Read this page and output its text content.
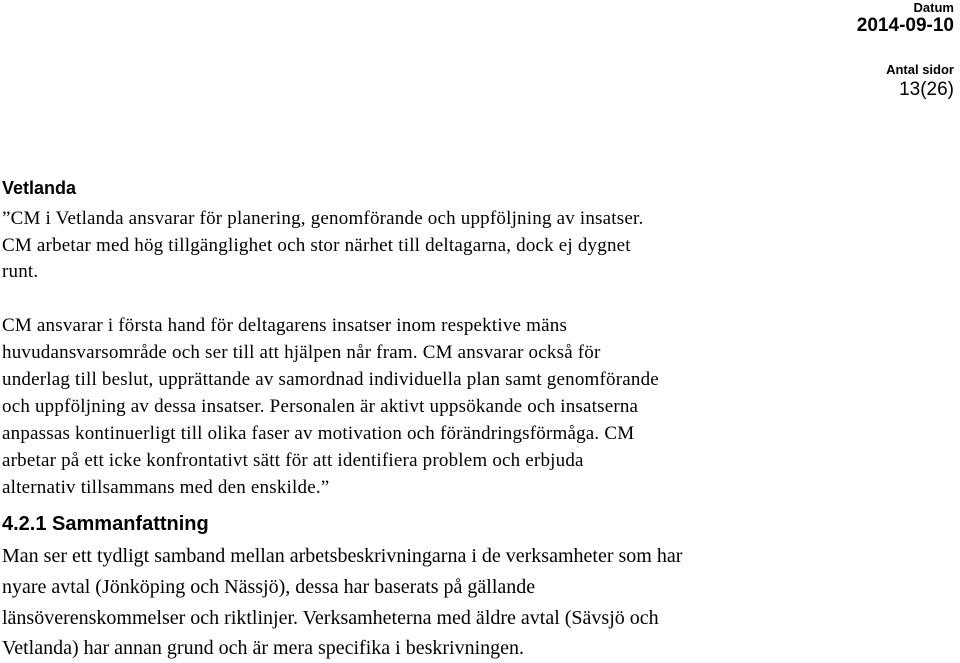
Datum
2014-09-10
Antal sidor
13(26)
Vetlanda
”CM i Vetlanda ansvarar för planering, genomförande och uppföljning av insatser.
CM arbetar med hög tillgänglighet och stor närhet till deltagarna, dock ej dygnet
runt.
CM ansvarar i första hand för deltagarens insatser inom respektive mäns
huvudansvarsområde och ser till att hjälpen når fram. CM ansvarar också för
underlag till beslut, upprättande av samordnad individuella plan samt genomförande
och uppföljning av dessa insatser. Personalen är aktivt uppsökande och insatserna
anpassas kontinuerligt till olika faser av motivation och förändringsförmåga. CM
arbetar på ett icke konfrontativt sätt för att identifiera problem och erbjuda
alternativ tillsammans med den enskilde.”
4.2.1 Sammanfattning
Man ser ett tydligt samband mellan arbetsbeskrivningarna i de verksamheter som har
nyare avtal (Jönköping och Nässjö), dessa har baserats på gällande
länsöverenskommelser och riktlinjer. Verksamheterna med äldre avtal (Sävsjö och
Vetlanda) har annan grund och är mera specifika i beskrivningen.
